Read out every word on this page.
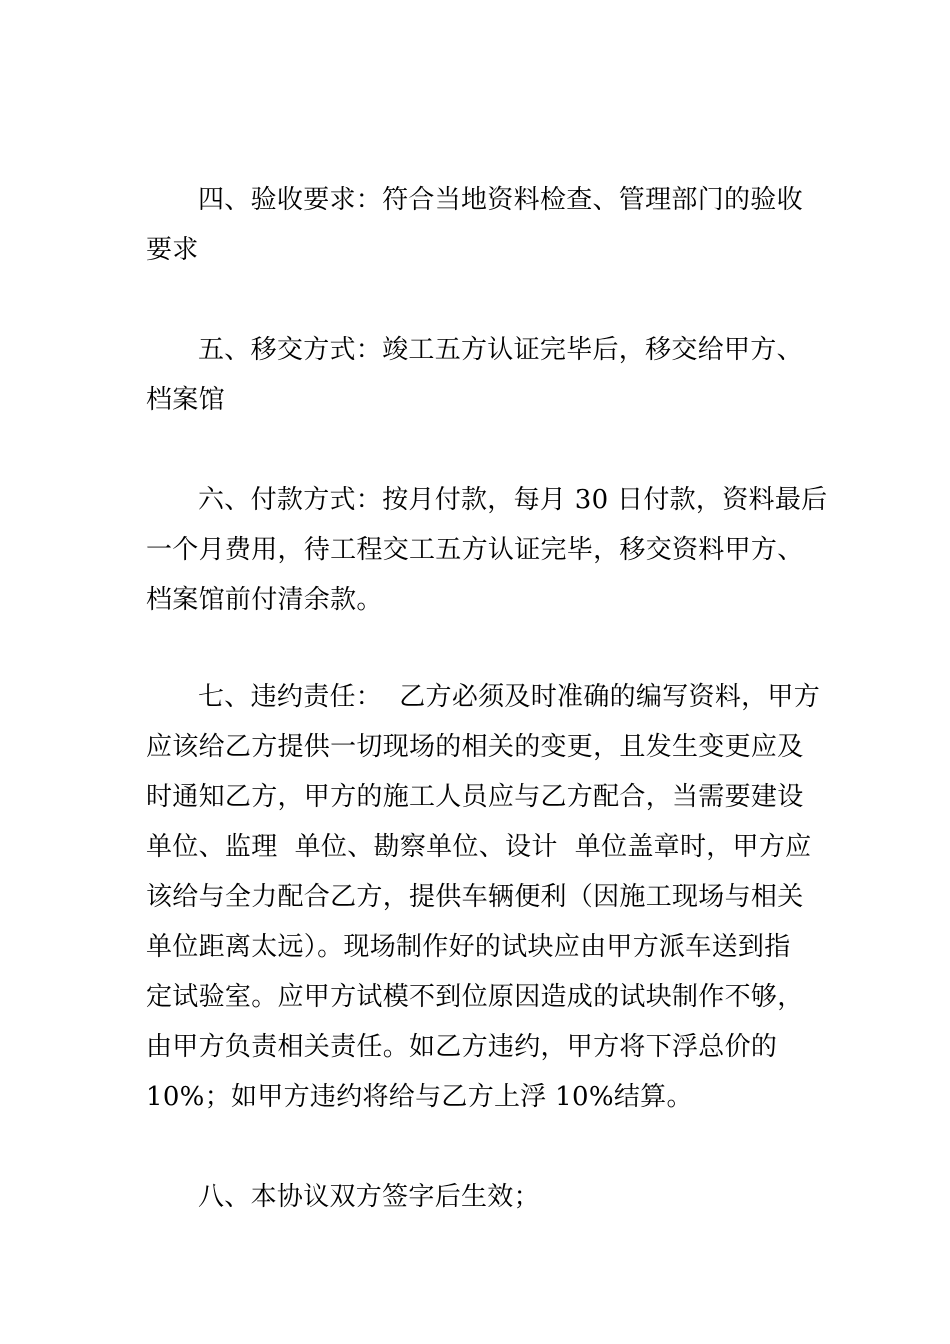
四、验收要求：符合当地资料检查、管理部门的验收
要求
五、移交方式：竣工五方认证完毕后，移交给甲方、
档案馆
六、付款方式：按月付款，每月 30 日付款，资料最后
一个月费用，待工程交工五方认证完毕，移交资料甲方、
档案馆前付清余款。
七、违约责任：  乙方必须及时准确的编写资料，甲方
应该给乙方提供一切现场的相关的变更，且发生变更应及
时通知乙方，甲方的施工人员应与乙方配合，当需要建设
单位、监理  单位、勘察单位、设计  单位盖章时，甲方应
该给与全力配合乙方，提供车辆便利（因施工现场与相关
单位距离太远）。现场制作好的试块应由甲方派车送到指
定试验室。应甲方试模不到位原因造成的试块制作不够，
由甲方负责相关责任。如乙方违约，甲方将下浮总价的
10%；如甲方违约将给与乙方上浮 10%结算。
八、本协议双方签字后生效；
